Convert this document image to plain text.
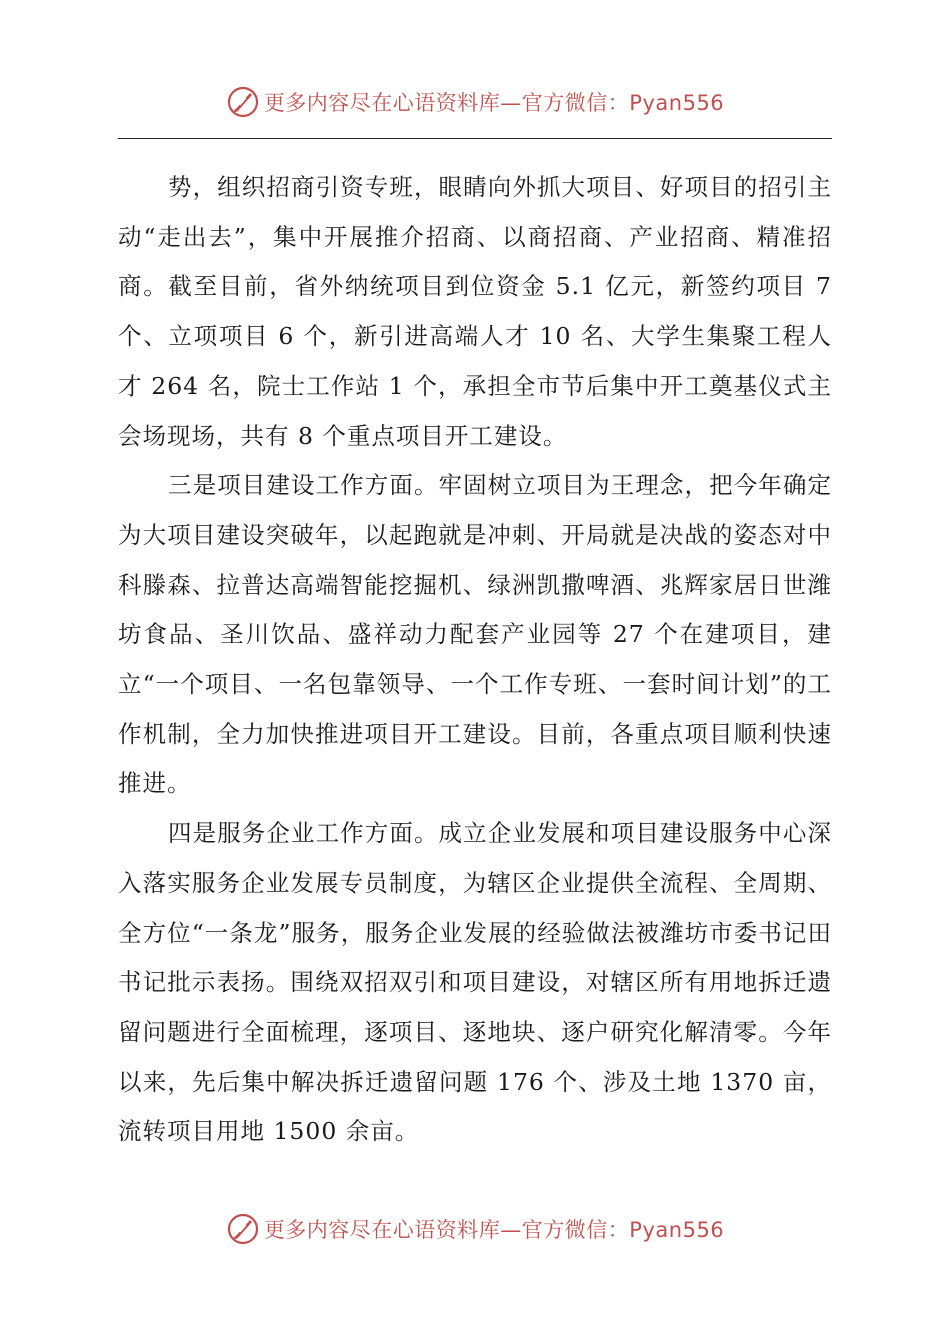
更多内容尽在心语资料库—官方微信：Pyan556

势，组织招商引资专班，眼睛向外抓大项目、好项目的招引主动“走出去”，集中开展推介招商、以商招商、产业招商、精准招商。截至目前，省外纳统项目到位资金 5.1 亿元，新签约项目 7 个、立项项目 6 个，新引进高端人才 10 名、大学生集聚工程人才 264 名，院士工作站 1 个，承担全市节后集中开工奠基仪式主会场现场，共有 8 个重点项目开工建设。

三是项目建设工作方面。牢固树立项目为王理念，把今年确定为大项目建设突破年，以起跑就是冲刺、开局就是决战的姿态对中科滕森、拉普达高端智能挖掘机、绿洲凯撒啤酒、兆辉家居日世潍坊食品、圣川饮品、盛祥动力配套产业园等 27 个在建项目，建立“一个项目、一名包靠领导、一个工作专班、一套时间计划”的工作机制，全力加快推进项目开工建设。目前，各重点项目顺利快速推进。

四是服务企业工作方面。成立企业发展和项目建设服务中心深入落实服务企业发展专员制度，为辖区企业提供全流程、全周期、全方位“一条龙”服务，服务企业发展的经验做法被潍坊市委书记田书记批示表扬。围绕双招双引和项目建设，对辖区所有用地拆迁遗留问题进行全面梳理，逐项目、逐地块、逐户研究化解清零。今年以来，先后集中解决拆迁遗留问题 176 个、涉及土地 1370 亩，流转项目用地 1500 余亩。

更多内容尽在心语资料库—官方微信：Pyan556
